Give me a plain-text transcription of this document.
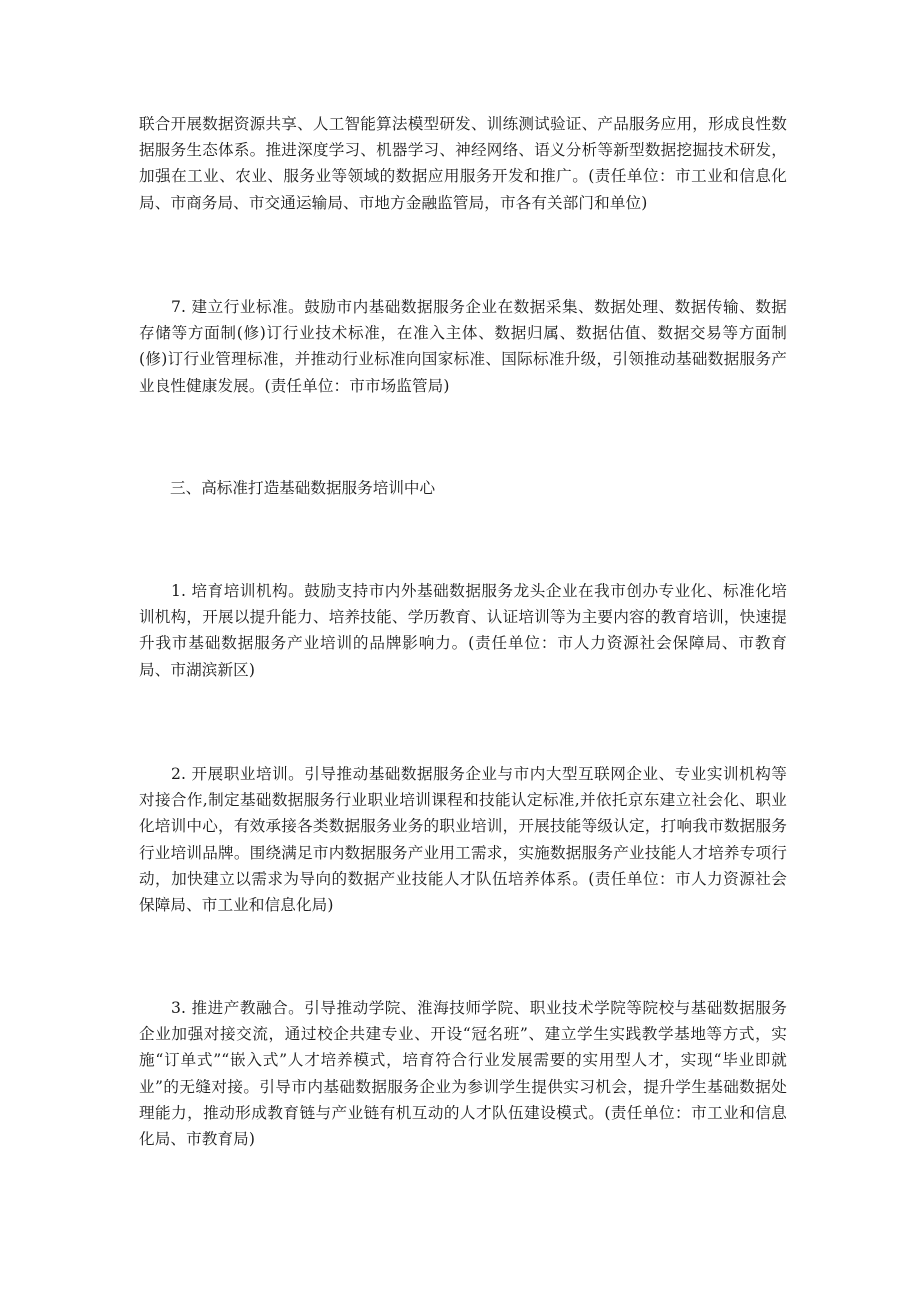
联合开展数据资源共享、人工智能算法模型研发、训练测试验证、产品服务应用，形成良性数据服务生态体系。推进深度学习、机器学习、神经网络、语义分析等新型数据挖掘技术研发，加强在工业、农业、服务业等领域的数据应用服务开发和推广。(责任单位：市工业和信息化局、市商务局、市交通运输局、市地方金融监管局，市各有关部门和单位)

7. 建立行业标准。鼓励市内基础数据服务企业在数据采集、数据处理、数据传输、数据存储等方面制(修)订行业技术标准，在准入主体、数据归属、数据估值、数据交易等方面制(修)订行业管理标准，并推动行业标准向国家标准、国际标准升级，引领推动基础数据服务产业良性健康发展。(责任单位：市市场监管局)

三、高标准打造基础数据服务培训中心

1. 培育培训机构。鼓励支持市内外基础数据服务龙头企业在我市创办专业化、标准化培训机构，开展以提升能力、培养技能、学历教育、认证培训等为主要内容的教育培训，快速提升我市基础数据服务产业培训的品牌影响力。(责任单位：市人力资源社会保障局、市教育局、市湖滨新区)

2. 开展职业培训。引导推动基础数据服务企业与市内大型互联网企业、专业实训机构等对接合作,制定基础数据服务行业职业培训课程和技能认定标准,并依托京东建立社会化、职业化培训中心，有效承接各类数据服务业务的职业培训，开展技能等级认定，打响我市数据服务行业培训品牌。围绕满足市内数据服务产业用工需求，实施数据服务产业技能人才培养专项行动，加快建立以需求为导向的数据产业技能人才队伍培养体系。(责任单位：市人力资源社会保障局、市工业和信息化局)

3. 推进产教融合。引导推动学院、淮海技师学院、职业技术学院等院校与基础数据服务企业加强对接交流，通过校企共建专业、开设“冠名班”、建立学生实践教学基地等方式，实施“订单式”“嵌入式”人才培养模式，培育符合行业发展需要的实用型人才，实现“毕业即就业”的无缝对接。引导市内基础数据服务企业为参训学生提供实习机会，提升学生基础数据处理能力，推动形成教育链与产业链有机互动的人才队伍建设模式。(责任单位：市工业和信息化局、市教育局)
